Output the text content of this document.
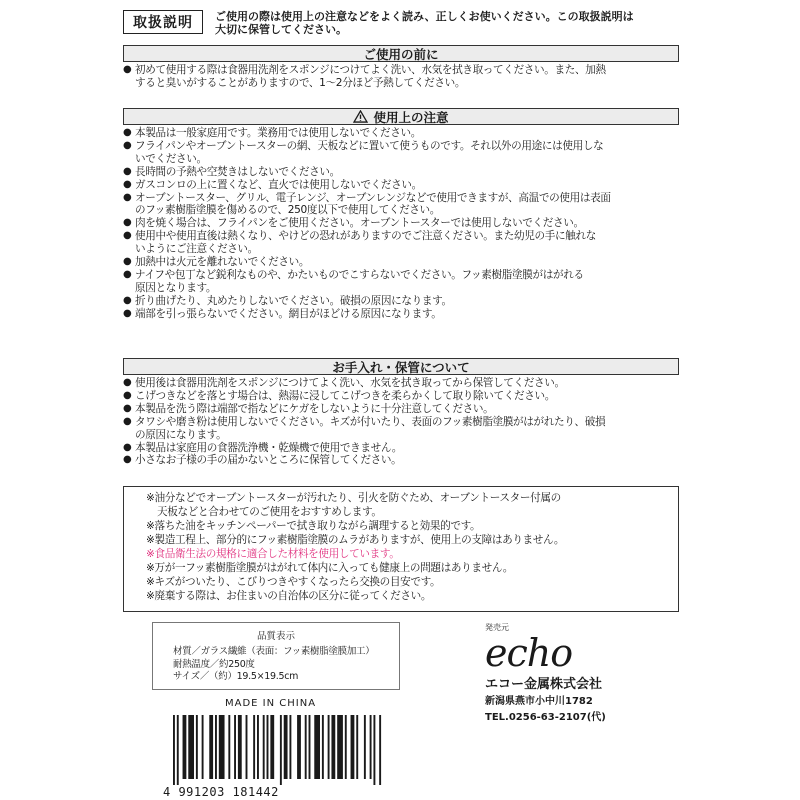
取扱説明	ご使用の際は使用上の注意などをよく読み、正しくお使いください。この取扱説明は
大切に保管してください。
ご使用の前に
● 初めて使用する際は食器用洗剤をスポンジにつけてよく洗い、水気を拭き取ってください。また、加熱
すると臭いがすることがありますので、1～2分ほど予熱してください。
使用上の注意
● 本製品は一般家庭用です。業務用では使用しないでください。
● フライパンやオーブントースターの網、天板などに置いて使うものです。それ以外の用途には使用しな
いでください。
● 長時間の予熱や空焚きはしないでください。
● ガスコンロの上に置くなど、直火では使用しないでください。
● オーブントースター、グリル、電子レンジ、オーブンレンジなどで使用できますが、高温での使用は表面
のフッ素樹脂塗膜を傷めるので、250度以下で使用してください。
● 肉を焼く場合は、フライパンをご使用ください。オーブントースターでは使用しないでください。
● 使用中や使用直後は熱くなり、やけどの恐れがありますのでご注意ください。また幼児の手に触れな
いようにご注意ください。
● 加熱中は火元を離れないでください。
● ナイフや包丁など鋭利なものや、かたいものでこすらないでください。フッ素樹脂塗膜がはがれる
原因となります。
● 折り曲げたり、丸めたりしないでください。破損の原因になります。
● 端部を引っ張らないでください。網目がほどける原因になります。
お手入れ・保管について
● 使用後は食器用洗剤をスポンジにつけてよく洗い、水気を拭き取ってから保管してください。
● こげつきなどを落とす場合は、熱湯に浸してこげつきを柔らかくして取り除いてください。
● 本製品を洗う際は端部で指などにケガをしないように十分注意してください。
● タワシや磨き粉は使用しないでください。キズが付いたり、表面のフッ素樹脂塗膜がはがれたり、破損
の原因になります。
● 本製品は家庭用の食器洗浄機・乾燥機で使用できません。
● 小さなお子様の手の届かないところに保管してください。
※油分などでオーブントースターが汚れたり、引火を防ぐため、オーブントースター付属の
天板などと合わせてのご使用をおすすめします。
※落ちた油をキッチンペーパーで拭き取りながら調理すると効果的です。
※製造工程上、部分的にフッ素樹脂塗膜のムラがありますが、使用上の支障はありません。
※食品衛生法の規格に適合した材料を使用しています。
※万が一フッ素樹脂塗膜がはがれて体内に入っても健康上の問題はありません。
※キズがついたり、こびりつきやすくなったら交換の目安です。
※廃棄する際は、お住まいの自治体の区分に従ってください。
品質表示
材質／ガラス繊維（表面：フッ素樹脂塗膜加工）
耐熱温度／約250度
サイズ／（約）19.5×19.5cm
MADE IN CHINA
発売元
echo
エコー金属株式会社
新潟県燕市小中川1782
TEL.0256-63-2107(代)
4 991203 181442
